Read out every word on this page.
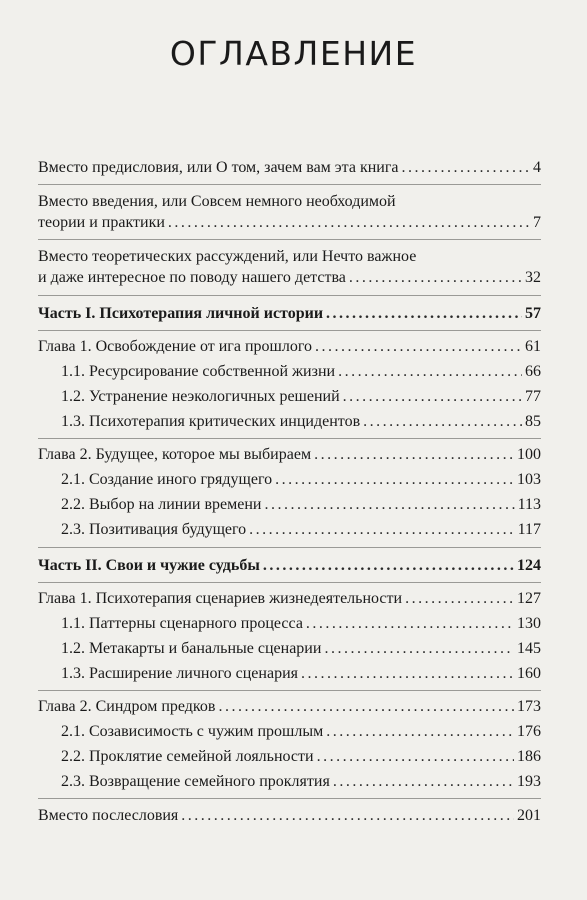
ОГЛАВЛЕНИЕ
Вместо предисловия, или О том, зачем вам эта книга .....	4
Вместо введения, или Совсем немного необходимой
теории и практики .....	7
Вместо теоретических рассуждений, или Нечто важное
и даже интересное по поводу нашего детства .....	32
Часть I. Психотерапия личной истории .....	57
Глава 1. Освобождение от ига прошлого .....	61
1.1. Ресурсирование собственной жизни .....	66
1.2. Устранение неэкологичных решений .....	77
1.3. Психотерапия критических инцидентов .....	85
Глава 2. Будущее, которое мы выбираем .....	100
2.1. Создание иного грядущего .....	103
2.2. Выбор на линии времени .....	113
2.3. Позитивация будущего .....	117
Часть II. Свои и чужие судьбы .....	124
Глава 1. Психотерапия сценариев жизнедеятельности .....	127
1.1. Паттерны сценарного процесса .....	130
1.2. Метакарты и банальные сценарии .....	145
1.3. Расширение личного сценария .....	160
Глава 2. Синдром предков .....	173
2.1. Созависимость с чужим прошлым .....	176
2.2. Проклятие семейной лояльности .....	186
2.3. Возвращение семейного проклятия .....	193
Вместо послесловия .....	201
